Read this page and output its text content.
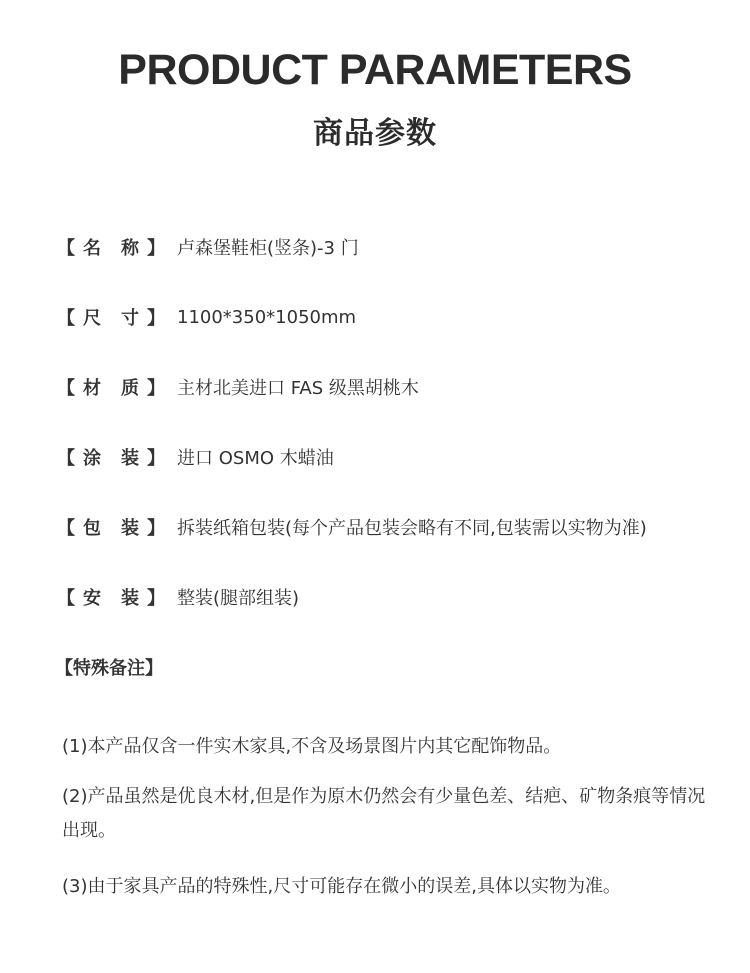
PRODUCT PARAMETERS
商品参数
【 名 称 】 卢森堡鞋柜(竖条)-3 门
【 尺 寸 】 1100*350*1050mm
【 材 质 】 主材北美进口 FAS 级黑胡桃木
【 涂 装 】 进口 OSMO 木蜡油
【 包 装 】 拆装纸箱包装(每个产品包装会略有不同,包装需以实物为准)
【 安 装 】 整装(腿部组装)
【特殊备注】
(1)本产品仅含一件实木家具,不含及场景图片内其它配饰物品。
(2)产品虽然是优良木材,但是作为原木仍然会有少量色差、结疤、矿物条痕等情况出现。
(3)由于家具产品的特殊性,尺寸可能存在微小的误差,具体以实物为准。
